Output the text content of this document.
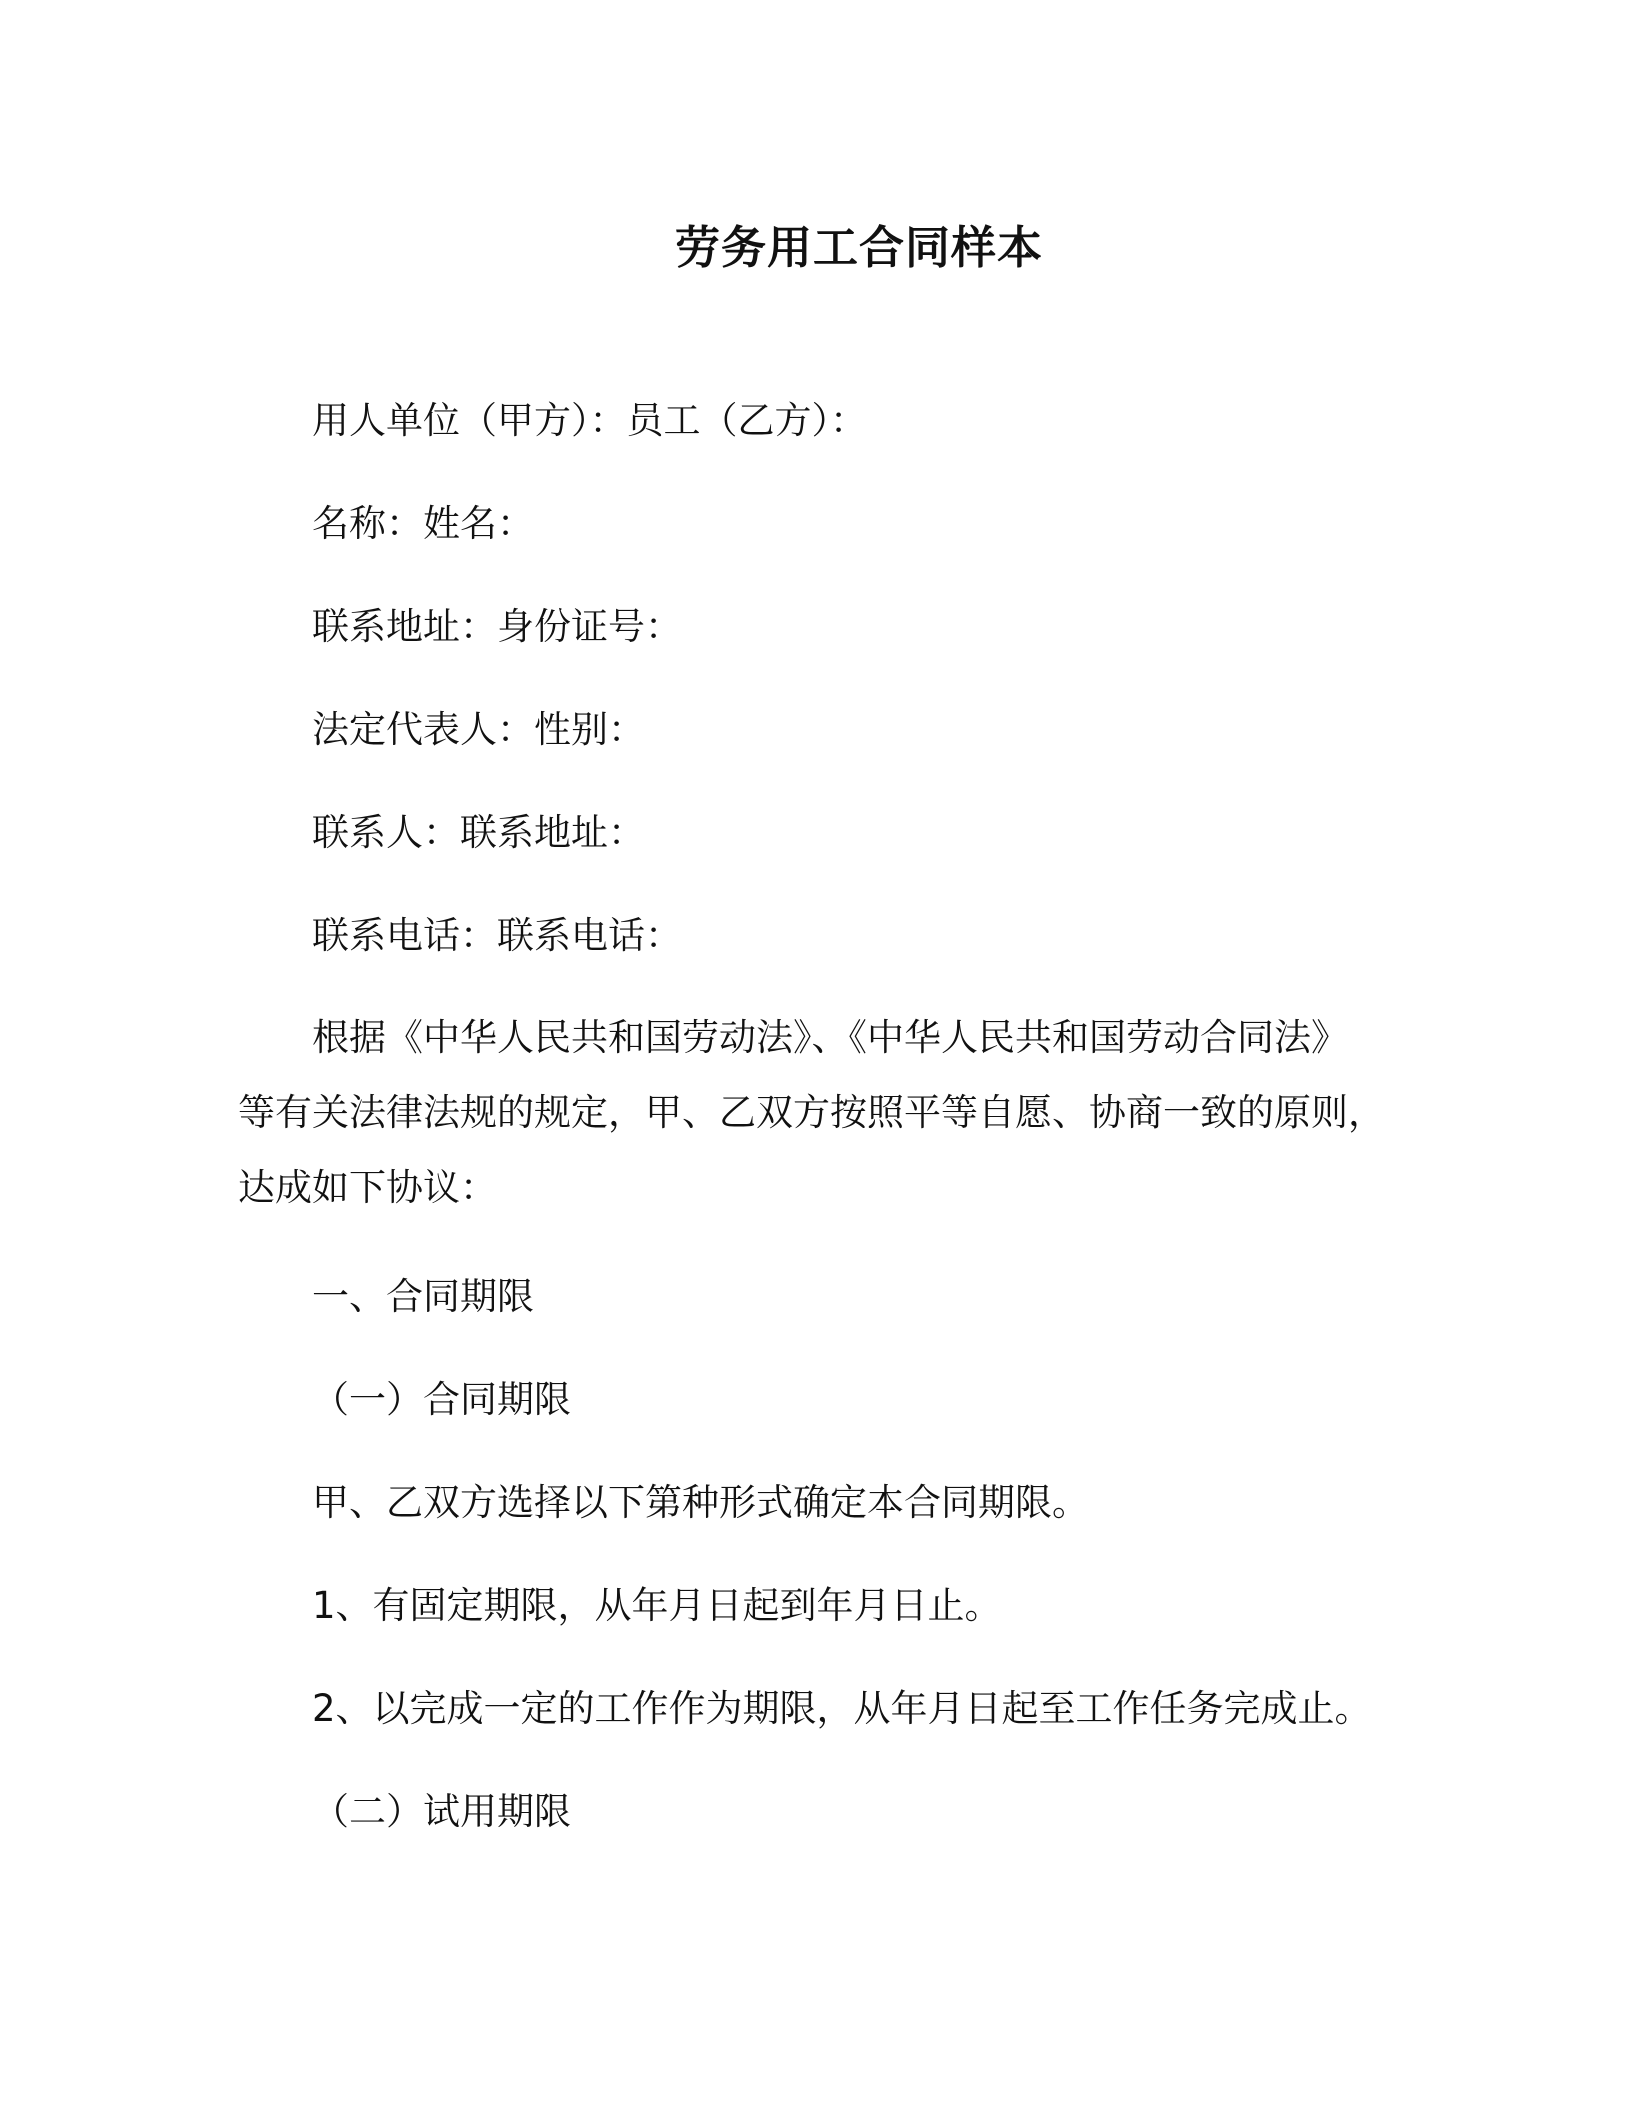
劳务用工合同样本
用人单位（甲方）：员工（乙方）：
名称：姓名：
联系地址：身份证号：
法定代表人：性别：
联系人：联系地址：
联系电话：联系电话：
根据《中华人民共和国劳动法》、《中华人民共和国劳动合同法》
等有关法律法规的规定，甲、乙双方按照平等自愿、协商一致的原则，
达成如下协议：
一、合同期限
（一）合同期限
甲、乙双方选择以下第种形式确定本合同期限。
1、有固定期限，从年月日起到年月日止。
2、以完成一定的工作作为期限，从年月日起至工作任务完成止。
（二）试用期限
